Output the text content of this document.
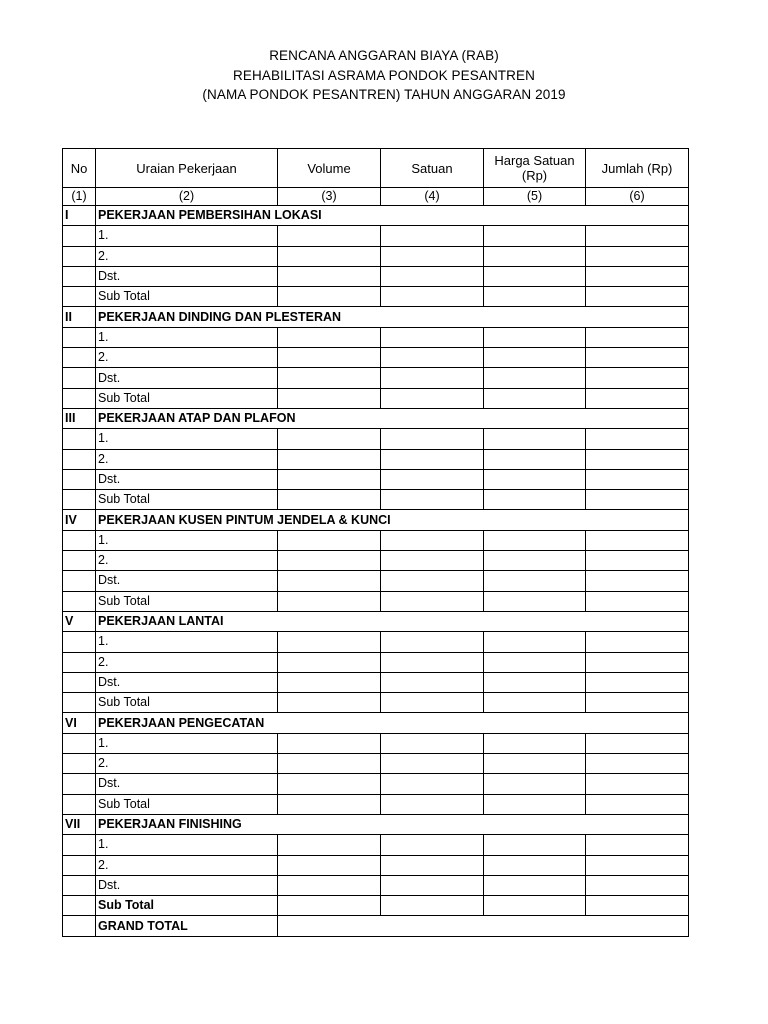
RENCANA ANGGARAN BIAYA (RAB)
REHABILITASI ASRAMA PONDOK PESANTREN
(NAMA PONDOK PESANTREN) TAHUN ANGGARAN 2019
No	Uraian Pekerjaan	Volume	Satuan	Harga Satuan (Rp)	Jumlah (Rp)
(1)	(2)	(3)	(4)	(5)	(6)
I	PEKERJAAN PEMBERSIHAN LOKASI				
	1.				
	2.				
	Dst.				
	Sub Total				
II	PEKERJAAN DINDING DAN PLESTERAN				
	1.				
	2.				
	Dst.				
	Sub Total				
III	PEKERJAAN ATAP DAN PLAFON				
	1.				
	2.				
	Dst.				
	Sub Total				
IV	PEKERJAAN KUSEN PINTUM JENDELA & KUNCI				
	1.				
	2.				
	Dst.				
	Sub Total				
V	PEKERJAAN LANTAI				
	1.				
	2.				
	Dst.				
	Sub Total				
VI	PEKERJAAN PENGECATAN				
	1.				
	2.				
	Dst.				
	Sub Total				
VII	PEKERJAAN FINISHING				
	1.				
	2.				
	Dst.				
	Sub Total				
	GRAND TOTAL				
